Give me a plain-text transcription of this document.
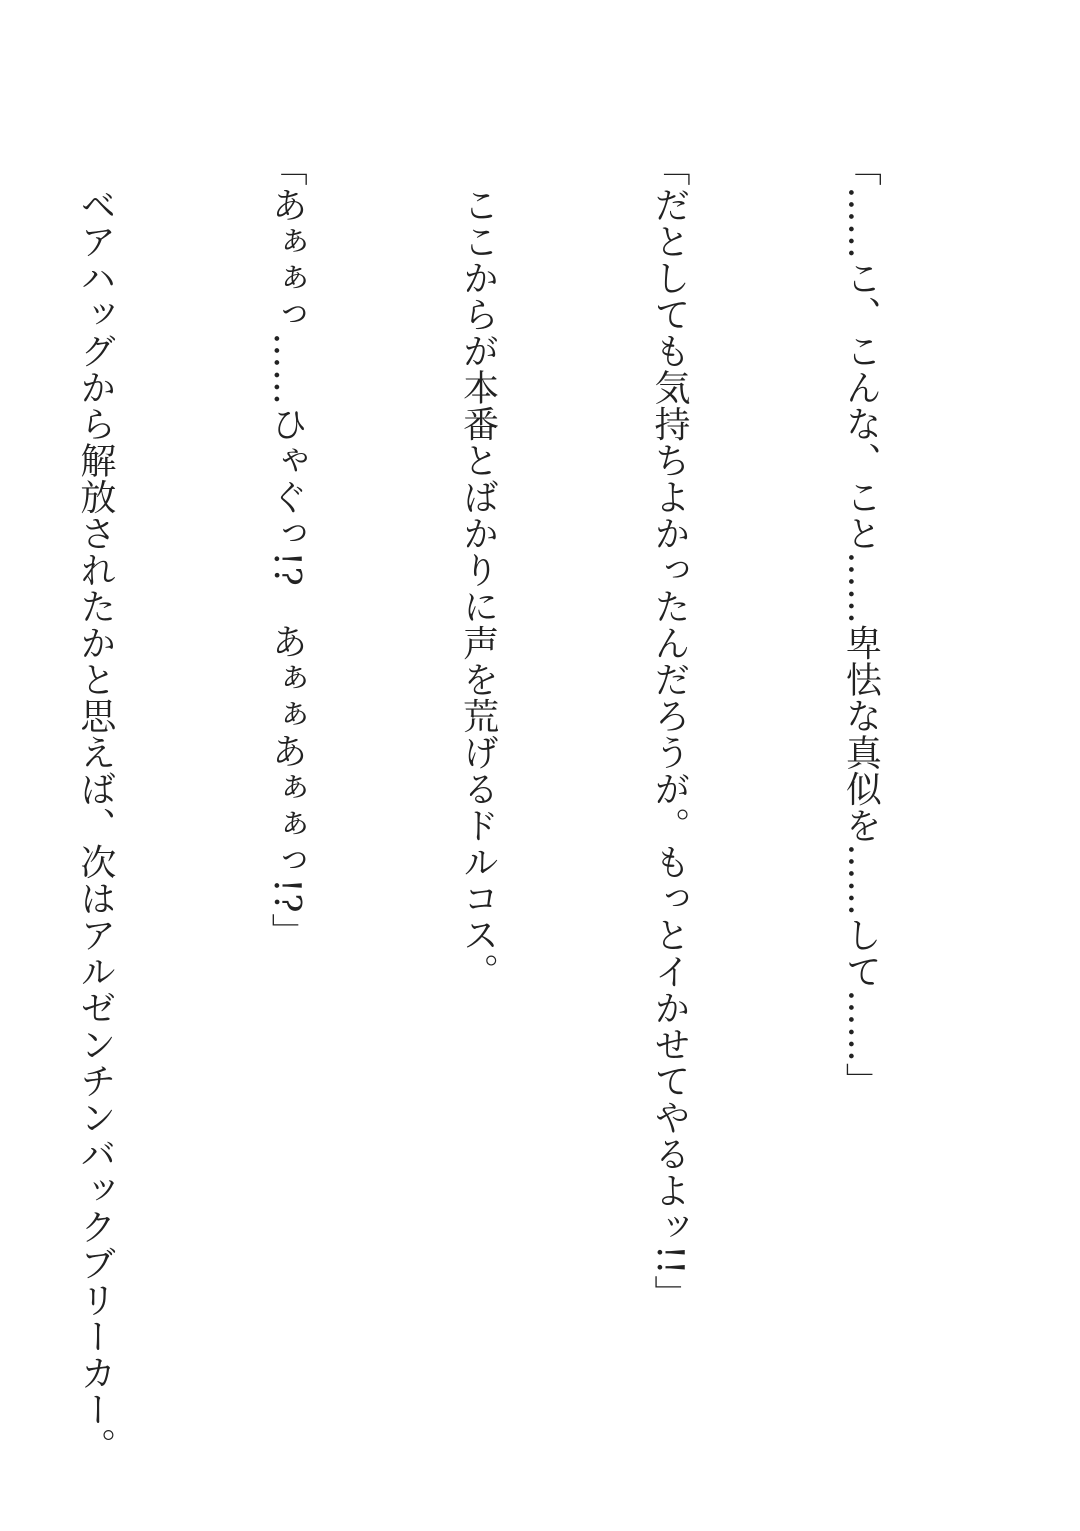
「……こ、こんな、こと……卑怯な真似を……して……」

「だとしても気持ちよかったんだろうが。もっとイかせてやるよッ!!」

　ここからが本番とばかりに声を荒げるドルコス。

「あぁぁっ……ひゃぐっ!?　あぁぁあぁぁっ!?」

　ベアハッグから解放されたかと思えば、次はアルゼンチンバックブリーカー。
